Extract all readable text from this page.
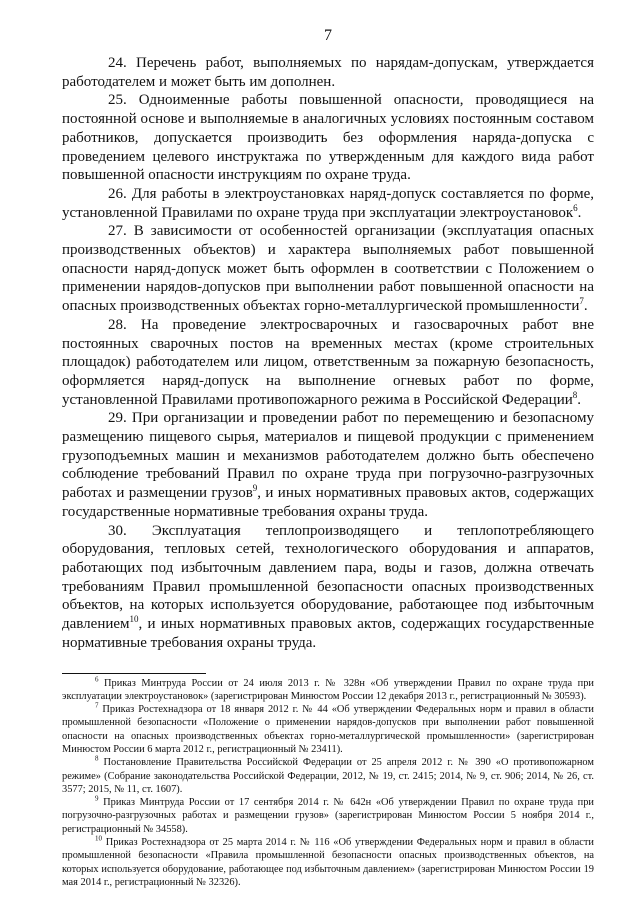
7

24. Перечень работ, выполняемых по нарядам-допускам, утверждается работодателем и может быть им дополнен.

25. Одноименные работы повышенной опасности, проводящиеся на постоянной основе и выполняемые в аналогичных условиях постоянным составом работников, допускается производить без оформления наряда-допуска с проведением целевого инструктажа по утвержденным для каждого вида работ повышенной опасности инструкциям по охране труда.

26. Для работы в электроустановках наряд-допуск составляется по форме, установленной Правилами по охране труда при эксплуатации электроустановок$^6$.

27. В зависимости от особенностей организации (эксплуатация опасных производственных объектов) и характера выполняемых работ повышенной опасности наряд-допуск может быть оформлен в соответствии с Положением о применении нарядов-допусков при выполнении работ повышенной опасности на опасных производственных объектах горно-металлургической промышленности$^7$.

28. На проведение электросварочных и газосварочных работ вне постоянных сварочных постов на временных местах (кроме строительных площадок) работодателем или лицом, ответственным за пожарную безопасность, оформляется наряд-допуск на выполнение огневых работ по форме, установленной Правилами противопожарного режима в Российской Федерации$^8$.

29. При организации и проведении работ по перемещению и безопасному размещению пищевого сырья, материалов и пищевой продукции с применением грузоподъемных машин и механизмов работодателем должно быть обеспечено соблюдение требований Правил по охране труда при погрузочно-разгрузочных работах и размещении грузов$^9$, и иных нормативных правовых актов, содержащих государственные нормативные требования охраны труда.

30. Эксплуатация теплопроизводящего и теплопотребляющего оборудования, тепловых сетей, технологического оборудования и аппаратов, работающих под избыточным давлением пара, воды и газов, должна отвечать требованиям Правил промышленной безопасности опасных производственных объектов, на которых используется оборудование, работающее под избыточным давлением$^{10}$, и иных нормативных правовых актов, содержащих государственные нормативные требования охраны труда.

$^6$ Приказ Минтруда России от 24 июля 2013 г. № 328н «Об утверждении Правил по охране труда при эксплуатации электроустановок» (зарегистрирован Минюстом России 12 декабря 2013 г., регистрационный № 30593).

$^7$ Приказ Ростехнадзора от 18 января 2012 г. № 44 «Об утверждении Федеральных норм и правил в области промышленной безопасности «Положение о применении нарядов-допусков при выполнении работ повышенной опасности на опасных производственных объектах горно-металлургической промышленности» (зарегистрирован Минюстом России 6 марта 2012 г., регистрационный № 23411).

$^8$ Постановление Правительства Российской Федерации от 25 апреля 2012 г. № 390 «О противопожарном режиме» (Собрание законодательства Российской Федерации, 2012, № 19, ст. 2415; 2014, № 9, ст. 906; 2014, № 26, ст. 3577; 2015, № 11, ст. 1607).

$^9$ Приказ Минтруда России от 17 сентября 2014 г. № 642н «Об утверждении Правил по охране труда при погрузочно-разгрузочных работах и размещении грузов» (зарегистрирован Минюстом России 5 ноября 2014 г., регистрационный № 34558).

$^{10}$ Приказ Ростехнадзора от 25 марта 2014 г. № 116 «Об утверждении Федеральных норм и правил в области промышленной безопасности «Правила промышленной безопасности опасных производственных объектов, на которых используется оборудование, работающее под избыточным давлением» (зарегистрирован Минюстом России 19 мая 2014 г., регистрационный № 32326).
